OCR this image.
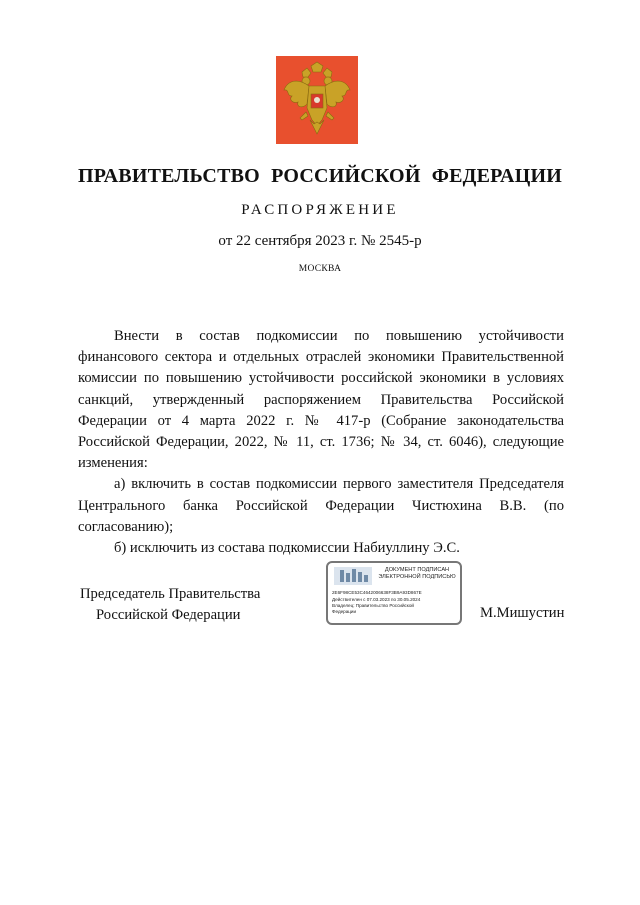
ПРАВИТЕЛЬСТВО РОССИЙСКОЙ ФЕДЕРАЦИИ
РАСПОРЯЖЕНИЕ
от 22 сентября 2023 г. № 2545-р
МОСКВА

Внести в состав подкомиссии по повышению устойчивости финансового сектора и отдельных отраслей экономики Правительственной комиссии по повышению устойчивости российской экономики в условиях санкций, утвержденный распоряжением Правительства Российской Федерации от 4 марта 2022 г. № 417-р (Собрание законодательства Российской Федерации, 2022, № 11, ст. 1736; № 34, ст. 6046), следующие изменения:

а) включить в состав подкомиссии первого заместителя Председателя Центрального банка Российской Федерации Чистюхина В.В. (по согласованию);

б) исключить из состава подкомиссии Набиуллину Э.С.

Председатель Правительства
Российской Федерации
ДОКУМЕНТ ПОДПИСАН
ЭЛЕКТРОННОЙ ПОДПИСЬЮ
2E6F98CE53C4642006638F3B9A93D867E
Действителен с 07.03.2023 по 30.05.2024
Владелец: Правительство Российской
Федерации	М.Мишустин
